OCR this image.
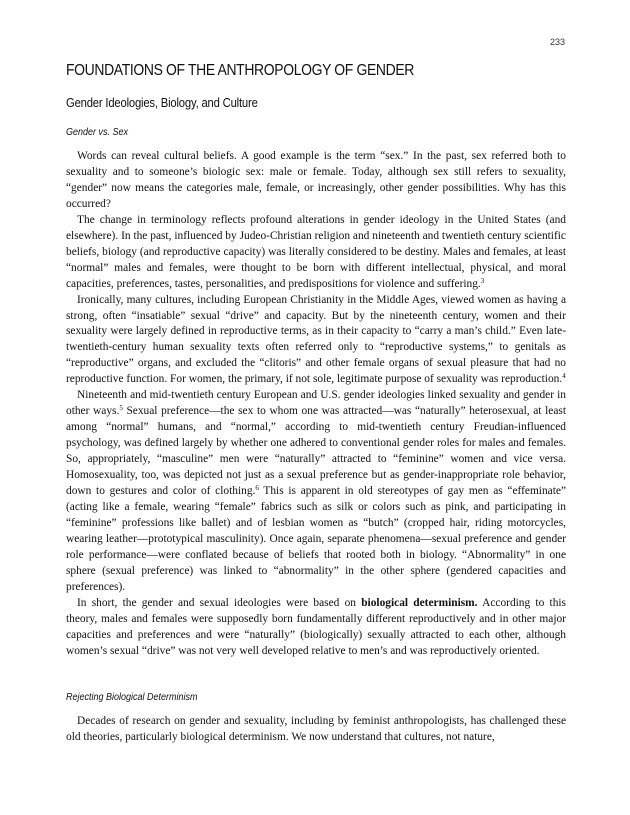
233
FOUNDATIONS OF THE ANTHROPOLOGY OF GENDER
Gender Ideologies, Biology, and Culture
Gender vs. Sex

Words can reveal cultural beliefs. A good example is the term “sex.” In the past, sex referred both to sexuality and to someone’s biologic sex: male or female. Today, although sex still refers to sexuality, “gender” now means the categories male, female, or increasingly, other gender possibilities. Why has this occurred?

The change in terminology reflects profound alterations in gender ideology in the United States (and elsewhere). In the past, influenced by Judeo-Christian religion and nineteenth and twentieth century scientific beliefs, biology (and reproductive capacity) was literally considered to be destiny. Males and females, at least “normal” males and females, were thought to be born with different intellectual, physical, and moral capacities, preferences, tastes, personalities, and predispositions for violence and suffering.$^3$

Ironically, many cultures, including European Christianity in the Middle Ages, viewed women as having a strong, often “insatiable” sexual “drive” and capacity. But by the nineteenth century, women and their sexuality were largely defined in reproductive terms, as in their capacity to “carry a man’s child.” Even late-twentieth-century human sexuality texts often referred only to “reproductive systems,” to genitals as “reproductive” organs, and excluded the “clitoris” and other female organs of sexual pleasure that had no reproductive function. For women, the primary, if not sole, legitimate purpose of sexuality was reproduction.$^4$

Nineteenth and mid-twentieth century European and U.S. gender ideologies linked sexuality and gender in other ways.$^5$ Sexual preference—the sex to whom one was attracted—was “naturally” heterosexual, at least among “normal” humans, and “normal,” according to mid-twentieth century Freudian-influenced psychology, was defined largely by whether one adhered to conventional gender roles for males and females. So, appropriately, “masculine” men were “naturally” attracted to “feminine” women and vice versa. Homosexuality, too, was depicted not just as a sexual preference but as gender-inappropriate role behavior, down to gestures and color of clothing.$^6$ This is apparent in old stereotypes of gay men as “effeminate” (acting like a female, wearing “female” fabrics such as silk or colors such as pink, and participating in “feminine” professions like ballet) and of lesbian women as “butch” (cropped hair, riding motorcycles, wearing leather—prototypical masculinity). Once again, separate phenomena—sexual preference and gender role performance—were conflated because of beliefs that rooted both in biology. “Abnormality” in one sphere (sexual preference) was linked to “abnormality” in the other sphere (gendered capacities and preferences).

In short, the gender and sexual ideologies were based on biological determinism. According to this theory, males and females were supposedly born fundamentally different reproductively and in other major capacities and preferences and were “naturally” (biologically) sexually attracted to each other, although women’s sexual “drive” was not very well developed relative to men’s and was reproductively oriented.

Rejecting Biological Determinism

Decades of research on gender and sexuality, including by feminist anthropologists, has challenged these old theories, particularly biological determinism. We now understand that cultures, not nature,
